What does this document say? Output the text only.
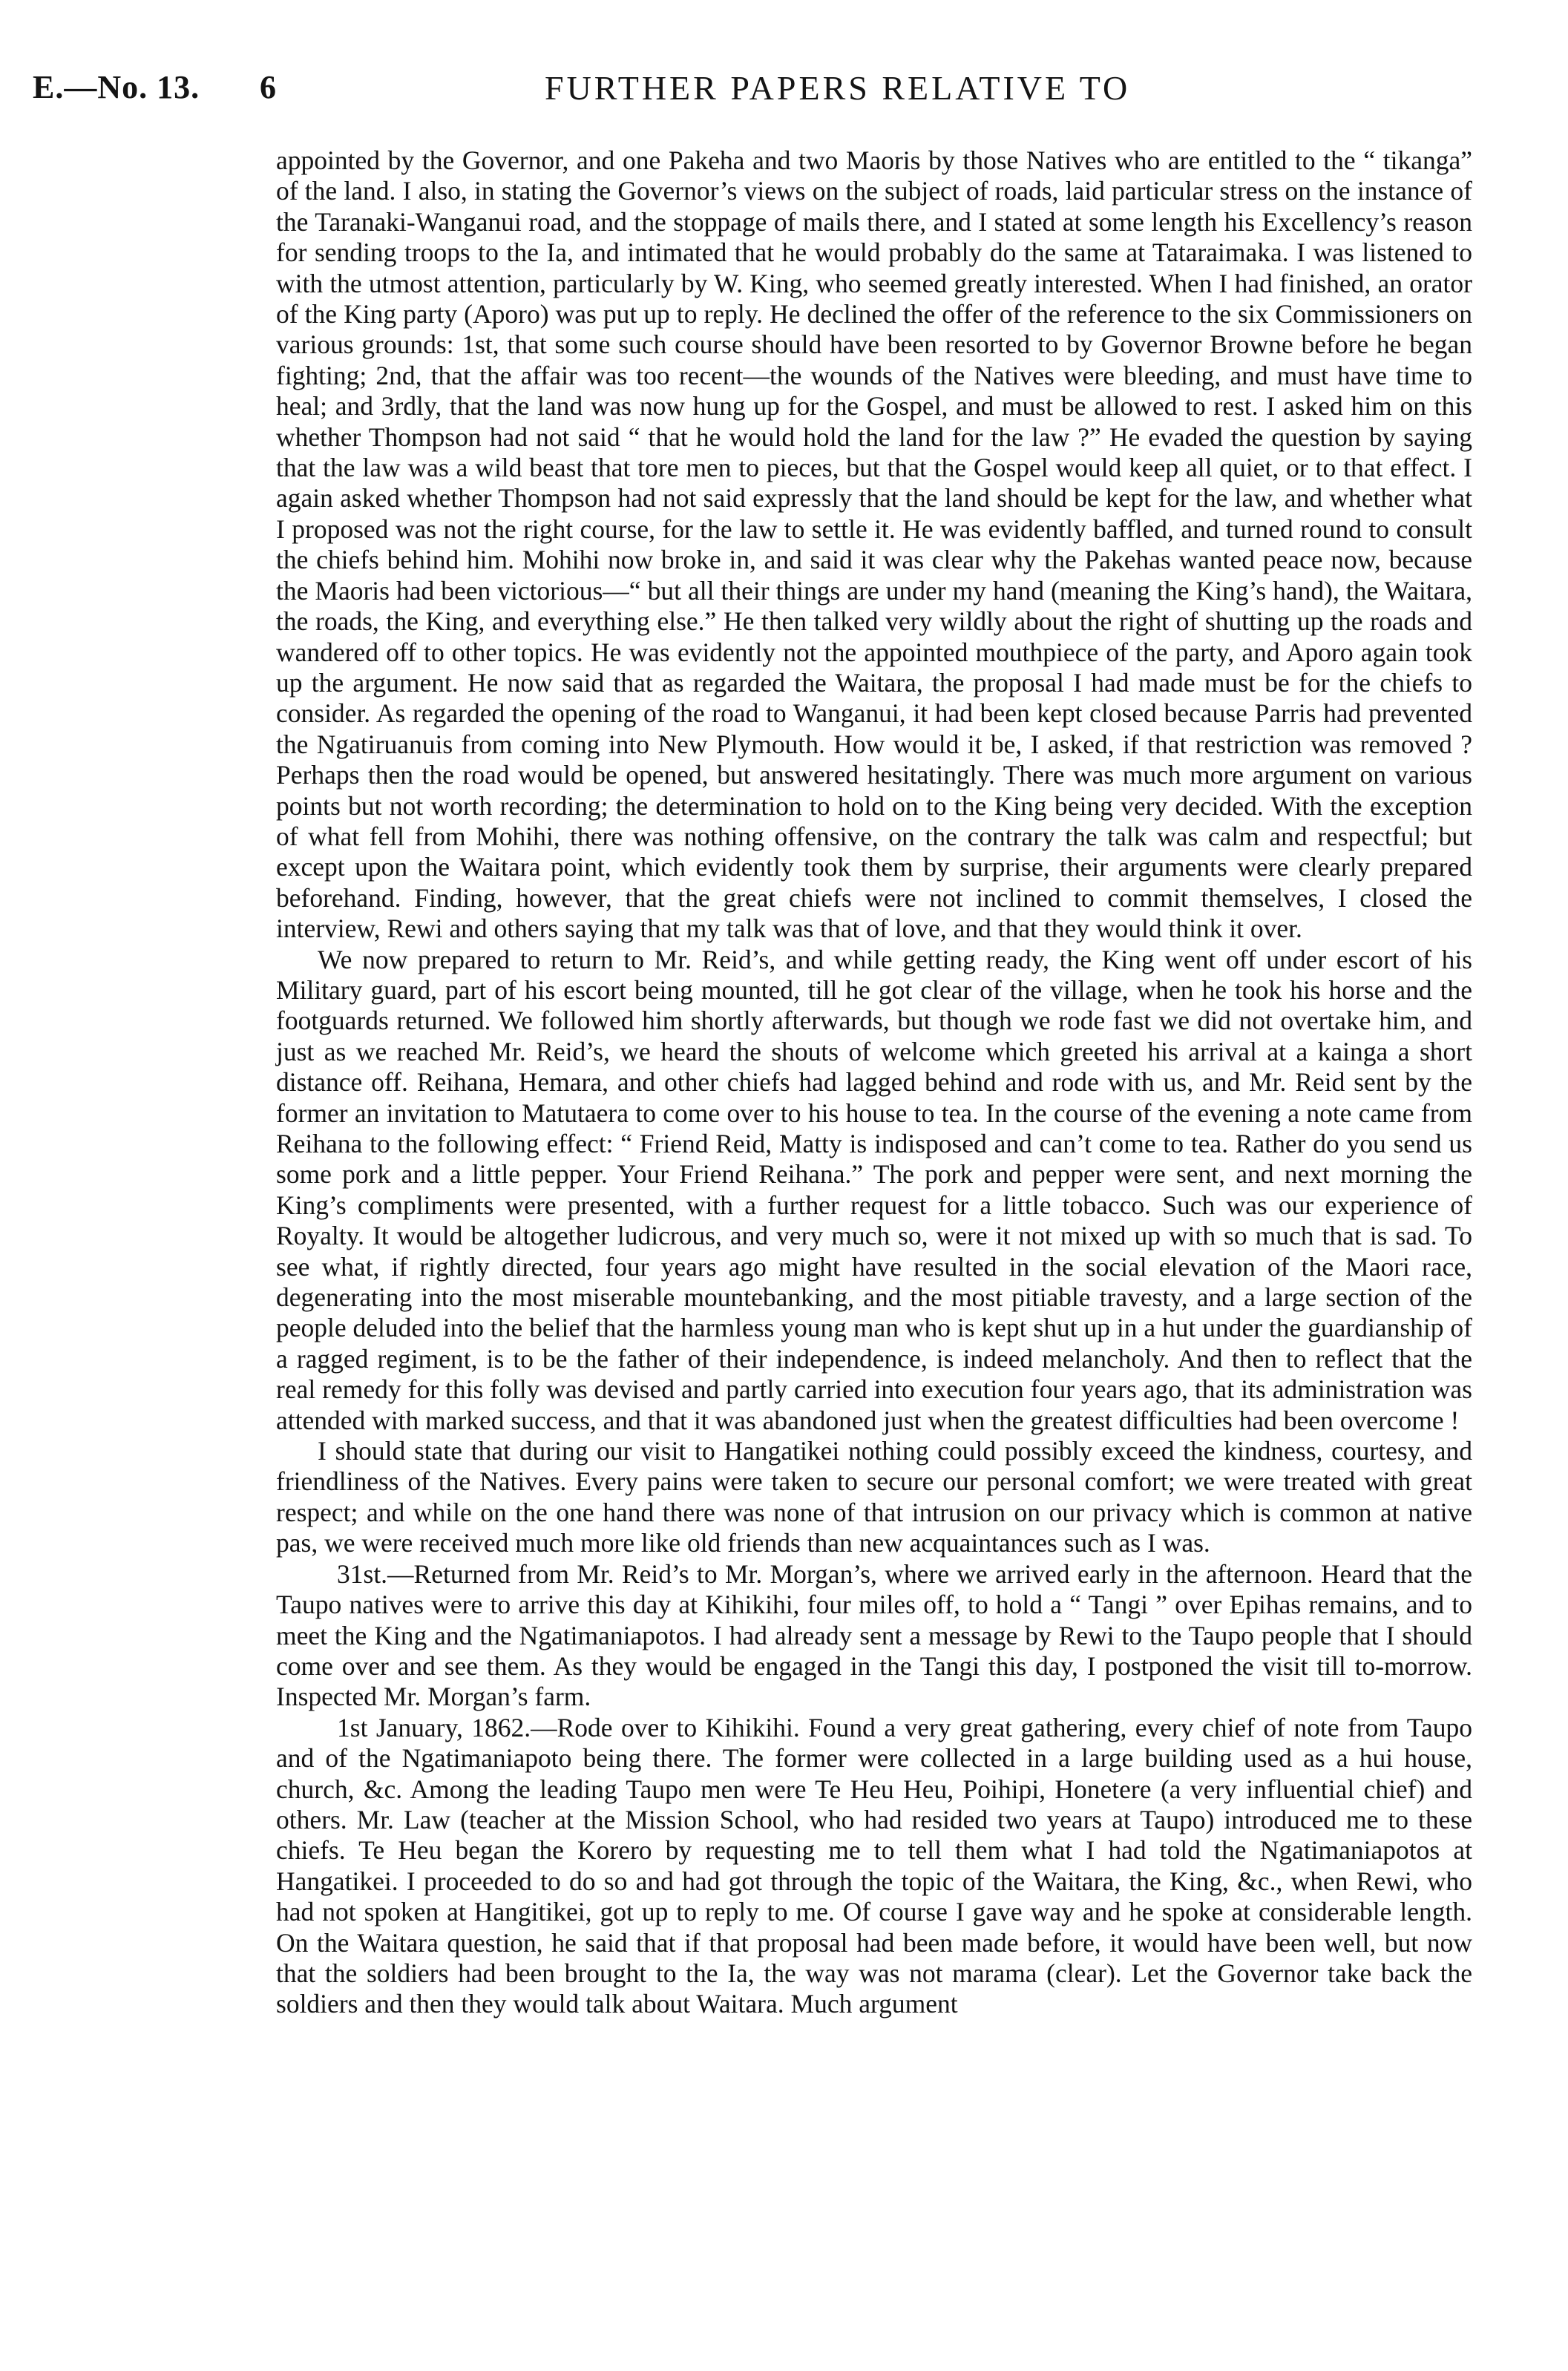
E.—No. 13. 6	FURTHER PAPERS RELATIVE TO

appointed by the Governor, and one Pakeha and two Maoris by those Natives who are entitled to the “ tikanga” of the land. I also, in stating the Governor’s views on the subject of roads, laid particular stress on the instance of the Taranaki-Wanganui road, and the stoppage of mails there, and I stated at some length his Excellency’s reason for sending troops to the Ia, and intimated that he would probably do the same at Tataraimaka. I was listened to with the utmost attention, particularly by W. King, who seemed greatly interested. When I had finished, an orator of the King party (Aporo) was put up to reply. He declined the offer of the reference to the six Commissioners on various grounds: 1st, that some such course should have been resorted to by Governor Browne before he began fighting; 2nd, that the affair was too recent—the wounds of the Natives were bleeding, and must have time to heal; and 3rdly, that the land was now hung up for the Gospel, and must be allowed to rest. I asked him on this whether Thompson had not said “ that he would hold the land for the law ?” He evaded the question by saying that the law was a wild beast that tore men to pieces, but that the Gospel would keep all quiet, or to that effect. I again asked whether Thompson had not said expressly that the land should be kept for the law, and whether what I proposed was not the right course, for the law to settle it. He was evidently baffled, and turned round to consult the chiefs behind him. Mohihi now broke in, and said it was clear why the Pakehas wanted peace now, because the Maoris had been victorious—“ but all their things are under my hand (meaning the King’s hand), the Waitara, the roads, the King, and everything else.” He then talked very wildly about the right of shutting up the roads and wandered off to other topics. He was evidently not the appointed mouthpiece of the party, and Aporo again took up the argument. He now said that as regarded the Waitara, the proposal I had made must be for the chiefs to consider. As regarded the opening of the road to Wanganui, it had been kept closed because Parris had prevented the Ngatiruanuis from coming into New Plymouth. How would it be, I asked, if that restriction was removed ? Perhaps then the road would be opened, but answered hesitatingly. There was much more argument on various points but not worth recording; the determination to hold on to the King being very decided. With the exception of what fell from Mohihi, there was nothing offensive, on the contrary the talk was calm and respectful; but except upon the Waitara point, which evidently took them by surprise, their arguments were clearly prepared beforehand. Finding, however, that the great chiefs were not inclined to commit themselves, I closed the interview, Rewi and others saying that my talk was that of love, and that they would think it over.

We now prepared to return to Mr. Reid’s, and while getting ready, the King went off under escort of his Military guard, part of his escort being mounted, till he got clear of the village, when he took his horse and the footguards returned. We followed him shortly afterwards, but though we rode fast we did not overtake him, and just as we reached Mr. Reid’s, we heard the shouts of welcome which greeted his arrival at a kainga a short distance off. Reihana, Hemara, and other chiefs had lagged behind and rode with us, and Mr. Reid sent by the former an invitation to Matutaera to come over to his house to tea. In the course of the evening a note came from Reihana to the following effect: “ Friend Reid, Matty is indisposed and can’t come to tea. Rather do you send us some pork and a little pepper. Your Friend Reihana.” The pork and pepper were sent, and next morning the King’s compliments were presented, with a further request for a little tobacco. Such was our experience of Royalty. It would be altogether ludicrous, and very much so, were it not mixed up with so much that is sad. To see what, if rightly directed, four years ago might have resulted in the social elevation of the Maori race, degenerating into the most miserable mountebanking, and the most pitiable travesty, and a large section of the people deluded into the belief that the harmless young man who is kept shut up in a hut under the guardianship of a ragged regiment, is to be the father of their independence, is indeed melancholy. And then to reflect that the real remedy for this folly was devised and partly carried into execution four years ago, that its administration was attended with marked success, and that it was abandoned just when the greatest difficulties had been overcome !

I should state that during our visit to Hangatikei nothing could possibly exceed the kindness, courtesy, and friendliness of the Natives. Every pains were taken to secure our personal comfort; we were treated with great respect; and while on the one hand there was none of that intrusion on our privacy which is common at native pas, we were received much more like old friends than new acquaintances such as I was.

31st.—Returned from Mr. Reid’s to Mr. Morgan’s, where we arrived early in the afternoon. Heard that the Taupo natives were to arrive this day at Kihikihi, four miles off, to hold a “ Tangi ” over Epihas remains, and to meet the King and the Ngatimaniapotos. I had already sent a message by Rewi to the Taupo people that I should come over and see them. As they would be engaged in the Tangi this day, I postponed the visit till to-morrow. Inspected Mr. Morgan’s farm.

1st January, 1862.—Rode over to Kihikihi. Found a very great gathering, every chief of note from Taupo and of the Ngatimaniapoto being there. The former were collected in a large building used as a hui house, church, &c. Among the leading Taupo men were Te Heu Heu, Poihipi, Honetere (a very influential chief) and others. Mr. Law (teacher at the Mission School, who had resided two years at Taupo) introduced me to these chiefs. Te Heu began the Korero by requesting me to tell them what I had told the Ngatimaniapotos at Hangatikei. I proceeded to do so and had got through the topic of the Waitara, the King, &c., when Rewi, who had not spoken at Hangitikei, got up to reply to me. Of course I gave way and he spoke at considerable length. On the Waitara question, he said that if that proposal had been made before, it would have been well, but now that the soldiers had been brought to the Ia, the way was not marama (clear). Let the Governor take back the soldiers and then they would talk about Waitara. Much argument
